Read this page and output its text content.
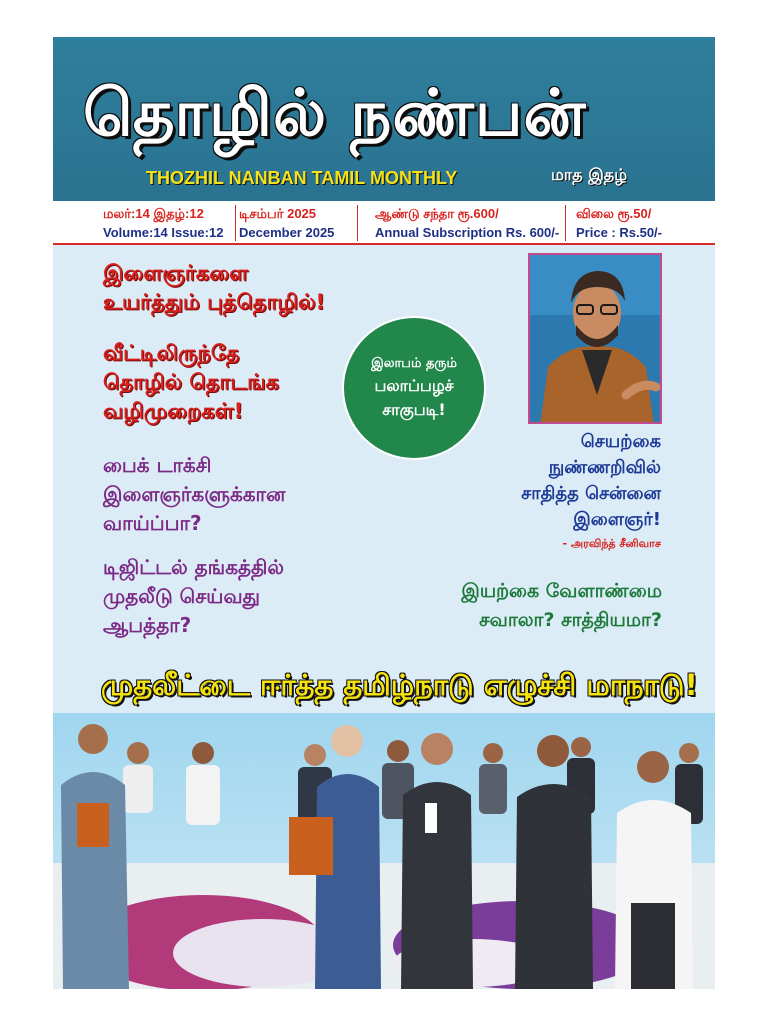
தொழில் நண்பன்
THOZHIL NANBAN TAMIL MONTHLY	மாத இதழ்
மலர்:14 இதழ்:12
Volume:14 Issue:12
டிசம்பர் 2025
December 2025
ஆண்டு சந்தா ரூ.600/
Annual Subscription Rs. 600/-
விலை ரூ.50/
Price : Rs.50/-
இளைஞர்களை
உயர்த்தும் புத்தொழில்!
வீட்டிலிருந்தே
தொழில் தொடங்க
வழிமுறைகள்!
பைக் டாக்சி
இளைஞர்களுக்கான
வாய்ப்பா?
டிஜிட்டல் தங்கத்தில்
முதலீடு செய்வது
ஆபத்தா?
இலாபம் தரும்
பலாப்பழச்
சாகுபடி!
செயற்கை
நுண்ணறிவில்
சாதித்த சென்னை
இளைஞர்!
- அரவிந்த் சீனிவாச
இயற்கை வேளாண்மை
சவாலா? சாத்தியமா?
முதலீட்டை ஈர்த்த தமிழ்நாடு எழுச்சி மாநாடு!
